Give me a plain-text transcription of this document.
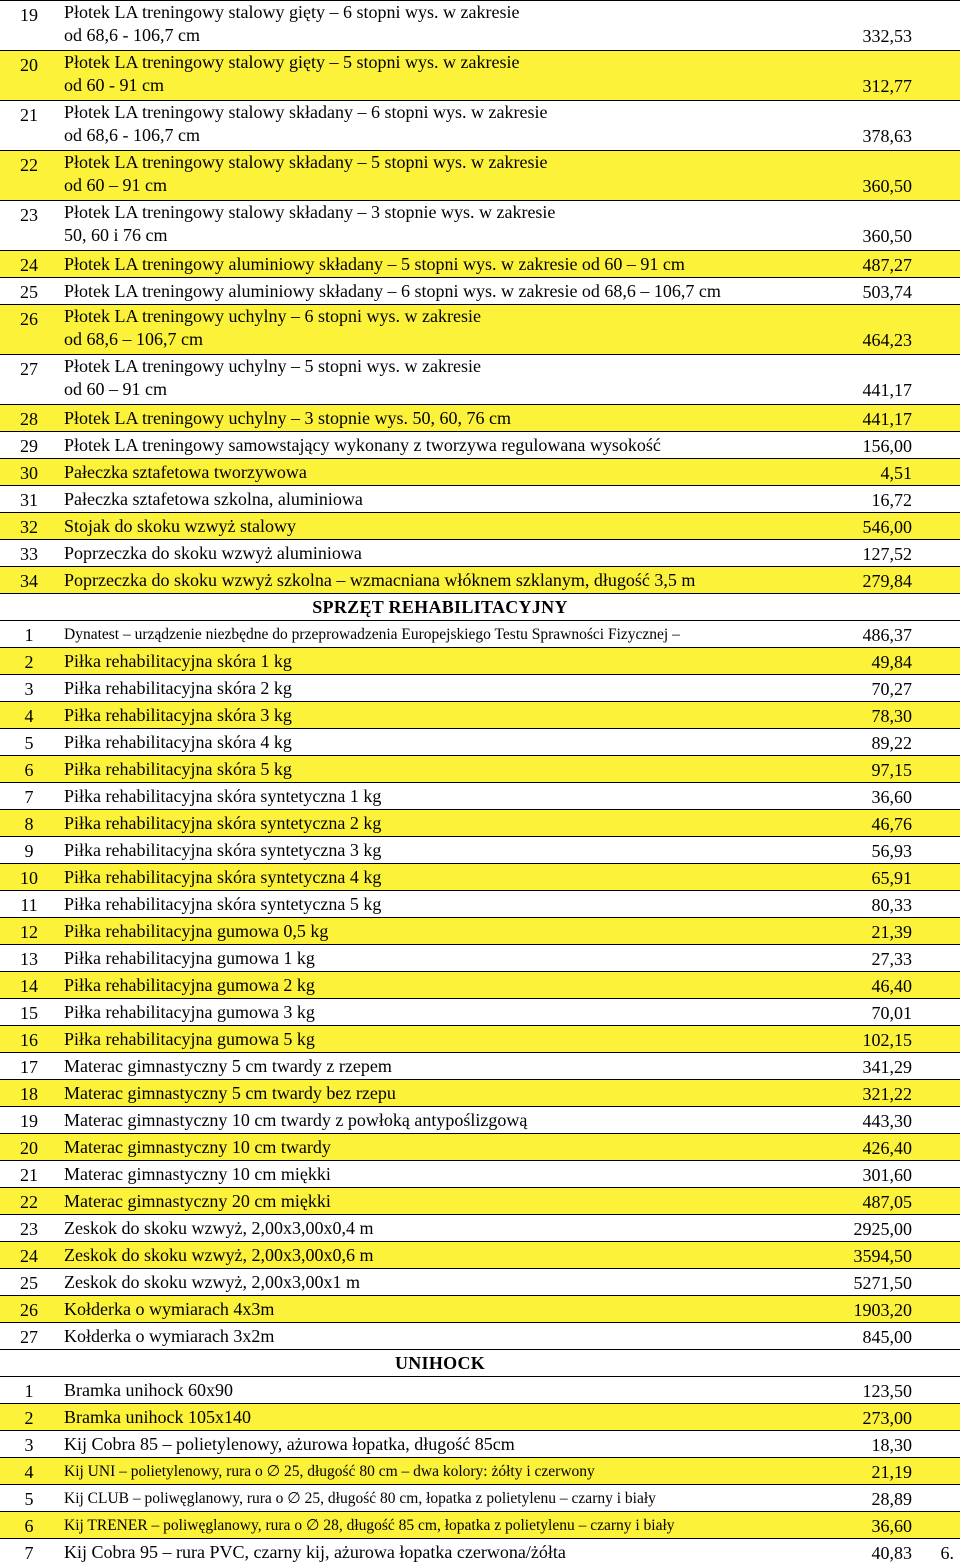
19	Płotek LA treningowy stalowy gięty – 6 stopni wys. w zakresie
od 68,6 - 106,7 cm	332,53
20	Płotek LA treningowy stalowy gięty – 5 stopni wys. w zakresie
od 60 - 91 cm	312,77
21	Płotek LA treningowy stalowy składany – 6 stopni wys. w zakresie
od 68,6 - 106,7 cm	378,63
22	Płotek LA treningowy stalowy składany – 5 stopni wys. w zakresie
od 60 – 91 cm	360,50
23	Płotek LA treningowy stalowy składany – 3 stopnie wys. w zakresie
50, 60 i 76 cm	360,50
24	Płotek LA treningowy aluminiowy składany – 5 stopni wys. w zakresie od 60 – 91 cm	487,27
25	Płotek LA treningowy aluminiowy składany – 6 stopni wys. w zakresie od 68,6 – 106,7 cm	503,74
26	Płotek LA treningowy uchylny – 6 stopni wys. w zakresie
od 68,6 – 106,7 cm	464,23
27	Płotek LA treningowy uchylny – 5 stopni wys. w zakresie
od 60 – 91 cm	441,17
28	Płotek LA treningowy uchylny – 3 stopnie wys. 50, 60, 76 cm	441,17
29	Płotek LA treningowy samowstający wykonany z tworzywa regulowana wysokość	156,00
30	Pałeczka sztafetowa tworzywowa	4,51
31	Pałeczka sztafetowa szkolna, aluminiowa	16,72
32	Stojak do skoku wzwyż stalowy	546,00
33	Poprzeczka do skoku wzwyż aluminiowa	127,52
34	Poprzeczka do skoku wzwyż szkolna – wzmacniana włóknem szklanym, długość 3,5 m	279,84
SPRZĘT REHABILITACYJNY
1	Dynatest – urządzenie niezbędne do przeprowadzenia Europejskiego Testu Sprawności Fizycznej –	486,37
2	Piłka rehabilitacyjna skóra 1 kg	49,84
3	Piłka rehabilitacyjna skóra 2 kg	70,27
4	Piłka rehabilitacyjna skóra 3 kg	78,30
5	Piłka rehabilitacyjna skóra 4 kg	89,22
6	Piłka rehabilitacyjna skóra 5 kg	97,15
7	Piłka rehabilitacyjna skóra syntetyczna 1 kg	36,60
8	Piłka rehabilitacyjna skóra syntetyczna 2 kg	46,76
9	Piłka rehabilitacyjna skóra syntetyczna 3 kg	56,93
10	Piłka rehabilitacyjna skóra syntetyczna 4 kg	65,91
11	Piłka rehabilitacyjna skóra syntetyczna 5 kg	80,33
12	Piłka rehabilitacyjna gumowa 0,5 kg	21,39
13	Piłka rehabilitacyjna gumowa 1 kg	27,33
14	Piłka rehabilitacyjna gumowa 2 kg	46,40
15	Piłka rehabilitacyjna gumowa 3 kg	70,01
16	Piłka rehabilitacyjna gumowa 5 kg	102,15
17	Materac gimnastyczny 5 cm twardy z rzepem	341,29
18	Materac gimnastyczny 5 cm twardy bez rzepu	321,22
19	Materac gimnastyczny 10 cm twardy z powłoką antypoślizgową	443,30
20	Materac gimnastyczny 10 cm twardy	426,40
21	Materac gimnastyczny 10 cm miękki	301,60
22	Materac gimnastyczny 20 cm miękki	487,05
23	Zeskok do skoku wzwyż, 2,00x3,00x0,4 m	2925,00
24	Zeskok do skoku wzwyż, 2,00x3,00x0,6 m	3594,50
25	Zeskok do skoku wzwyż, 2,00x3,00x1 m	5271,50
26	Kołderka o wymiarach 4x3m	1903,20
27	Kołderka o wymiarach 3x2m	845,00
UNIHOCK
1	Bramka unihock 60x90	123,50
2	Bramka unihock 105x140	273,00
3	Kij Cobra 85 – polietylenowy, ażurowa łopatka, długość 85cm	18,30
4	Kij UNI – polietylenowy, rura o ∅ 25, długość 80 cm – dwa kolory: żółty i czerwony	21,19
5	Kij CLUB – poliwęglanowy, rura o ∅ 25, długość 80 cm, łopatka z polietylenu – czarny i biały	28,89
6	Kij TRENER – poliwęglanowy, rura o ∅ 28, długość 85 cm, łopatka z polietylenu – czarny i biały	36,60
7	Kij Cobra 95 – rura PVC, czarny kij, ażurowa łopatka czerwona/żółta	40,83 6.
